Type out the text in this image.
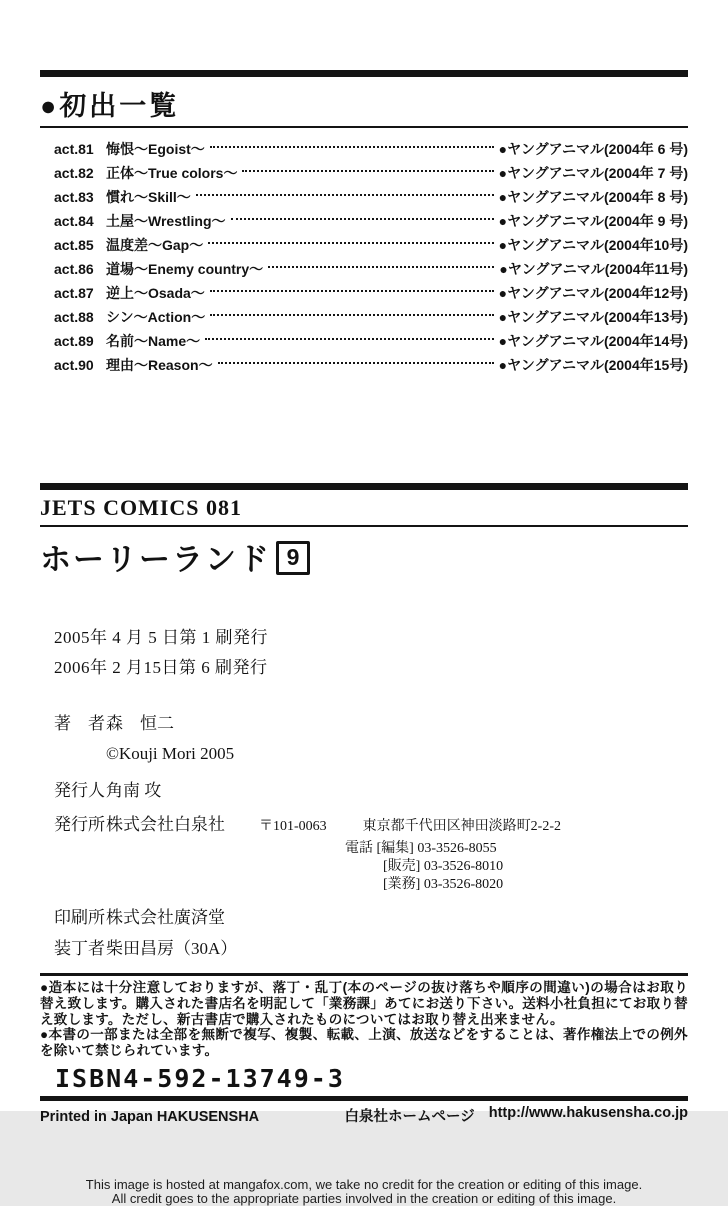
●初出一覧
act.81 悔恨～Egoist～	●ヤングアニマル(2004年 6 号)
act.82 正体～True colors～	●ヤングアニマル(2004年 7 号)
act.83 慣れ～Skill～	●ヤングアニマル(2004年 8 号)
act.84 土屋～Wrestling～	●ヤングアニマル(2004年 9 号)
act.85 温度差～Gap～	●ヤングアニマル(2004年10号)
act.86 道場～Enemy country～	●ヤングアニマル(2004年11号)
act.87 逆上～Osada～	●ヤングアニマル(2004年12号)
act.88 シン～Action～	●ヤングアニマル(2004年13号)
act.89 名前～Name～	●ヤングアニマル(2004年14号)
act.90 理由～Reason～	●ヤングアニマル(2004年15号)
JETS COMICS 081
ホーリーランド 9
2005年 4 月 5 日第 1 刷発行
2006年 2 月15日第 6 刷発行
著　者 森　恒二
©Kouji Mori 2005
発行人 角南 攻
発行所 株式会社白泉社 〒101-0063	東京都千代田区神田淡路町2-2-2
電話 [編集] 03-3526-8055
[販売] 03-3526-8010
[業務] 03-3526-8020
印刷所 株式会社廣済堂
装丁者 柴田昌房（30A）

●造本には十分注意しておりますが、落丁・乱丁(本のページの抜け落ちや順序の間違い)の場合はお取り替え致します。購入された書店名を明記して「業務課」あてにお送り下さい。送料小社負担にてお取り替え致します。ただし、新古書店で購入されたものについてはお取り替え出来ません。

●本書の一部または全部を無断で複写、複製、転載、上演、放送などをすることは、著作権法上での例外を除いて禁じられています。

ISBN4-592-13749-3
Printed in Japan HAKUSENSHA	白泉社ホームページ http://www.hakusensha.co.jp
This image is hosted at mangafox.com, we take no credit for the creation or editing of this image.
All credit goes to the appropriate parties involved in the creation or editing of this image.
